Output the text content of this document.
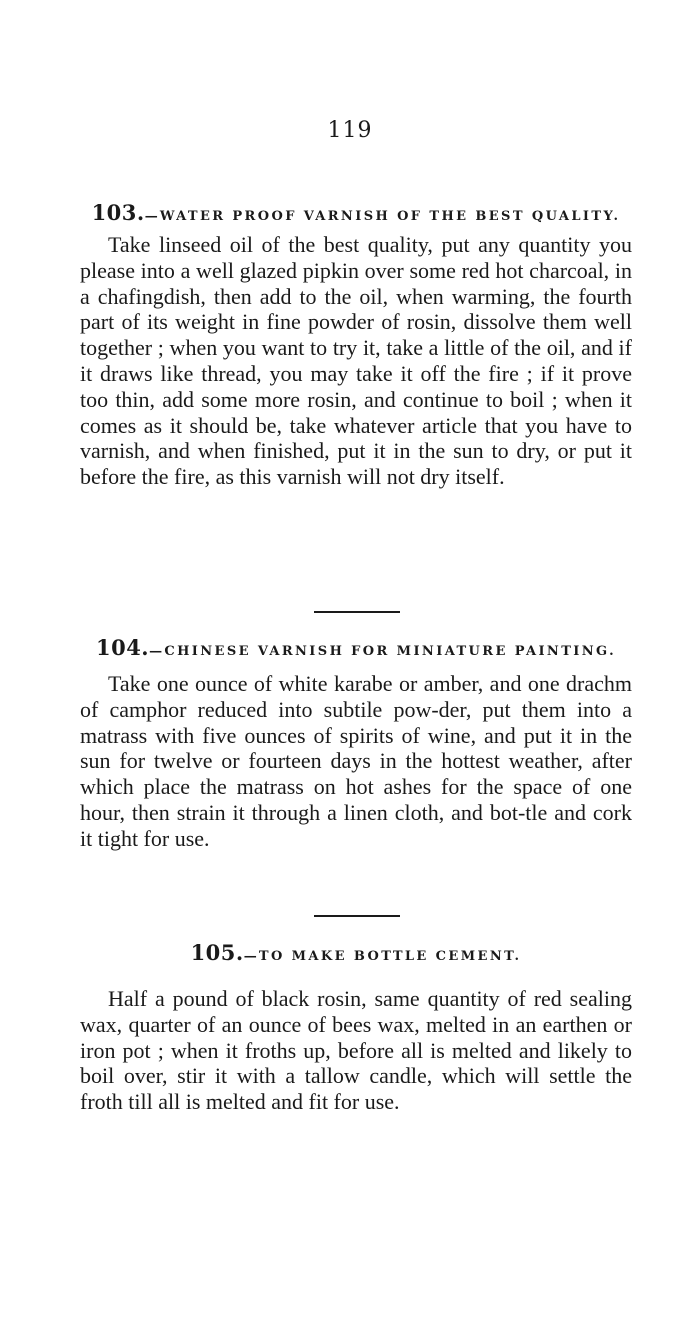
119
103.—WATER PROOF VARNISH OF THE BEST QUALITY.

Take linseed oil of the best quality, put any quantity you please into a well glazed pipkin over some red hot charcoal, in a chafingdish, then add to the oil, when warming, the fourth part of its weight in fine powder of rosin, dissolve them well together ; when you want to try it, take a little of the oil, and if it draws like thread, you may take it off the fire ; if it prove too thin, add some more rosin, and continue to boil ; when it comes as it should be, take whatever article that you have to varnish, and when finished, put it in the sun to dry, or put it before the fire, as this varnish will not dry itself.

104.—CHINESE VARNISH FOR MINIATURE PAINTING.

Take one ounce of white karabe or amber, and one drachm of camphor reduced into subtile pow-der, put them into a matrass with five ounces of spirits of wine, and put it in the sun for twelve or fourteen days in the hottest weather, after which place the matrass on hot ashes for the space of one hour, then strain it through a linen cloth, and bot-tle and cork it tight for use.

105.—TO MAKE BOTTLE CEMENT.

Half a pound of black rosin, same quantity of red sealing wax, quarter of an ounce of bees wax, melted in an earthen or iron pot ; when it froths up, before all is melted and likely to boil over, stir it with a tallow candle, which will settle the froth till all is melted and fit for use.
